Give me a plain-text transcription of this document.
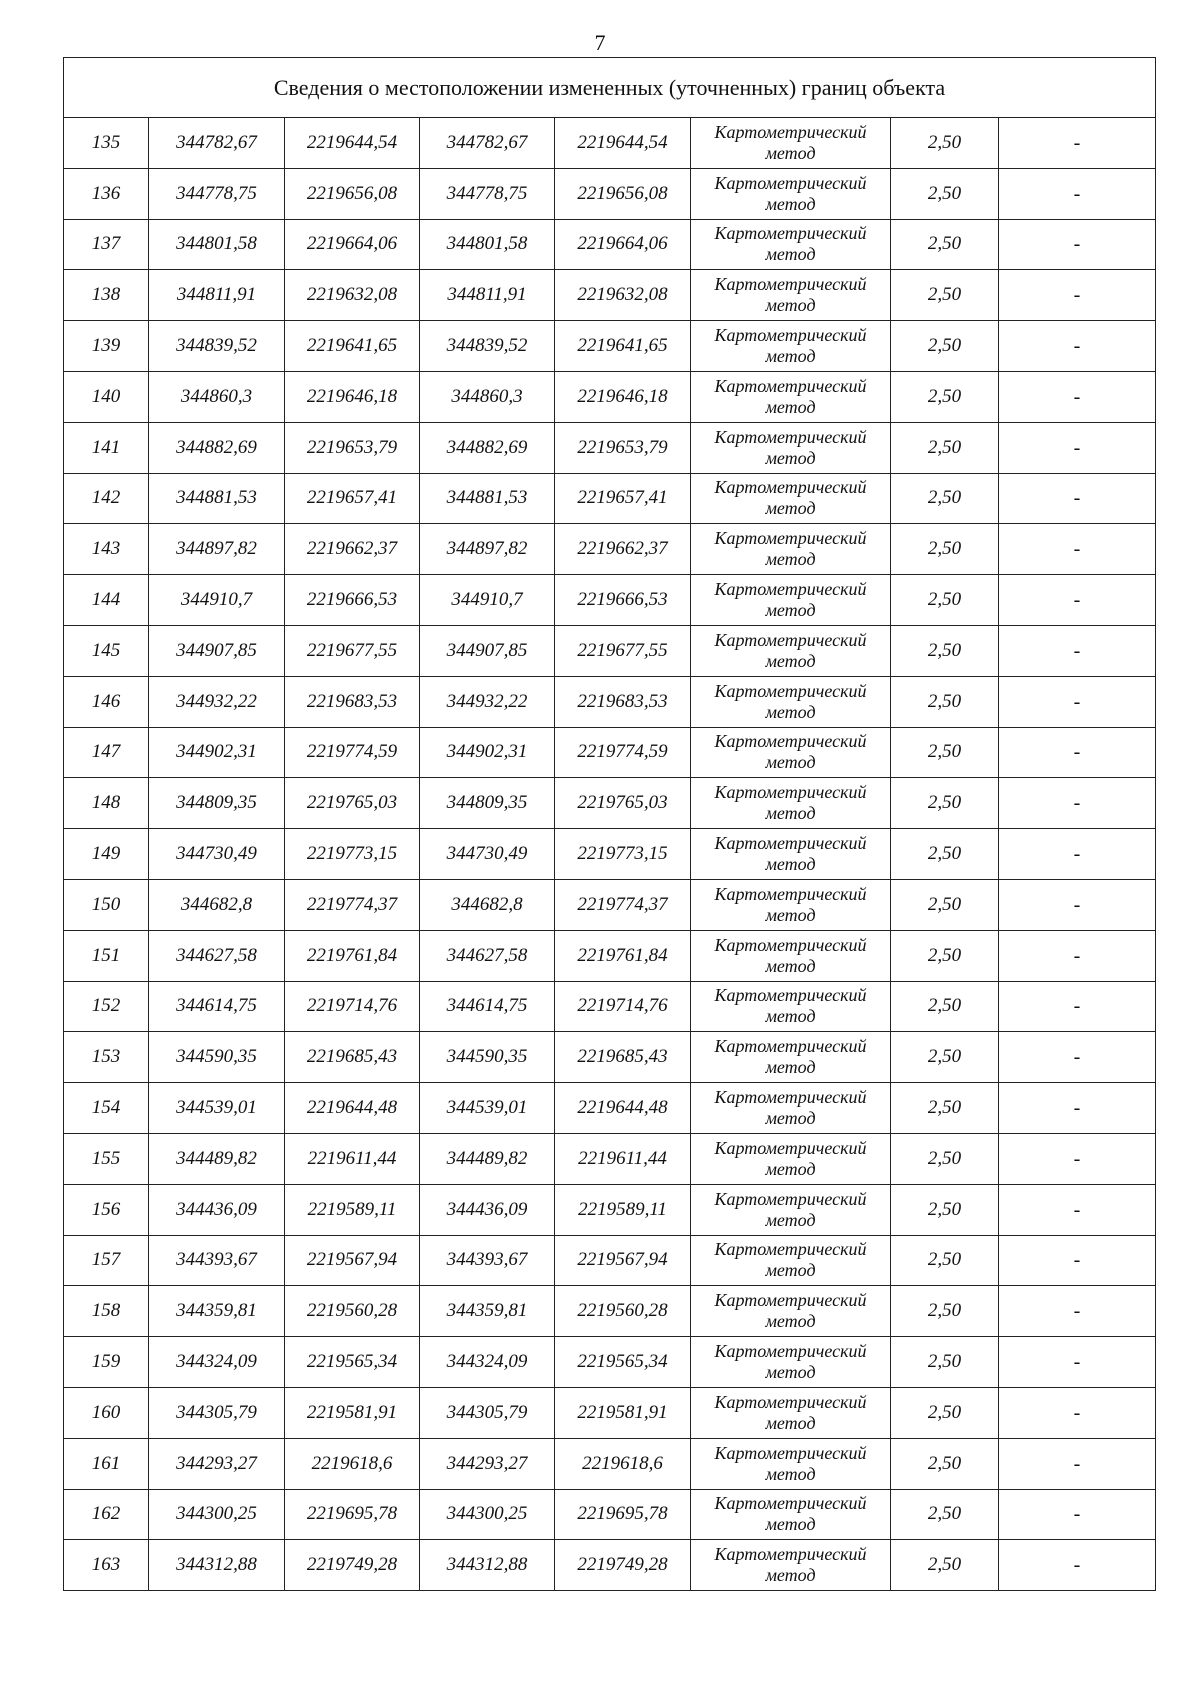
7
Сведения о местоположении измененных (уточненных) границ объекта							
135	344782,67	2219644,54	344782,67	2219644,54	Картометрический метод	2,50	-
136	344778,75	2219656,08	344778,75	2219656,08	Картометрический метод	2,50	-
137	344801,58	2219664,06	344801,58	2219664,06	Картометрический метод	2,50	-
138	344811,91	2219632,08	344811,91	2219632,08	Картометрический метод	2,50	-
139	344839,52	2219641,65	344839,52	2219641,65	Картометрический метод	2,50	-
140	344860,3	2219646,18	344860,3	2219646,18	Картометрический метод	2,50	-
141	344882,69	2219653,79	344882,69	2219653,79	Картометрический метод	2,50	-
142	344881,53	2219657,41	344881,53	2219657,41	Картометрический метод	2,50	-
143	344897,82	2219662,37	344897,82	2219662,37	Картометрический метод	2,50	-
144	344910,7	2219666,53	344910,7	2219666,53	Картометрический метод	2,50	-
145	344907,85	2219677,55	344907,85	2219677,55	Картометрический метод	2,50	-
146	344932,22	2219683,53	344932,22	2219683,53	Картометрический метод	2,50	-
147	344902,31	2219774,59	344902,31	2219774,59	Картометрический метод	2,50	-
148	344809,35	2219765,03	344809,35	2219765,03	Картометрический метод	2,50	-
149	344730,49	2219773,15	344730,49	2219773,15	Картометрический метод	2,50	-
150	344682,8	2219774,37	344682,8	2219774,37	Картометрический метод	2,50	-
151	344627,58	2219761,84	344627,58	2219761,84	Картометрический метод	2,50	-
152	344614,75	2219714,76	344614,75	2219714,76	Картометрический метод	2,50	-
153	344590,35	2219685,43	344590,35	2219685,43	Картометрический метод	2,50	-
154	344539,01	2219644,48	344539,01	2219644,48	Картометрический метод	2,50	-
155	344489,82	2219611,44	344489,82	2219611,44	Картометрический метод	2,50	-
156	344436,09	2219589,11	344436,09	2219589,11	Картометрический метод	2,50	-
157	344393,67	2219567,94	344393,67	2219567,94	Картометрический метод	2,50	-
158	344359,81	2219560,28	344359,81	2219560,28	Картометрический метод	2,50	-
159	344324,09	2219565,34	344324,09	2219565,34	Картометрический метод	2,50	-
160	344305,79	2219581,91	344305,79	2219581,91	Картометрический метод	2,50	-
161	344293,27	2219618,6	344293,27	2219618,6	Картометрический метод	2,50	-
162	344300,25	2219695,78	344300,25	2219695,78	Картометрический метод	2,50	-
163	344312,88	2219749,28	344312,88	2219749,28	Картометрический метод	2,50	-
